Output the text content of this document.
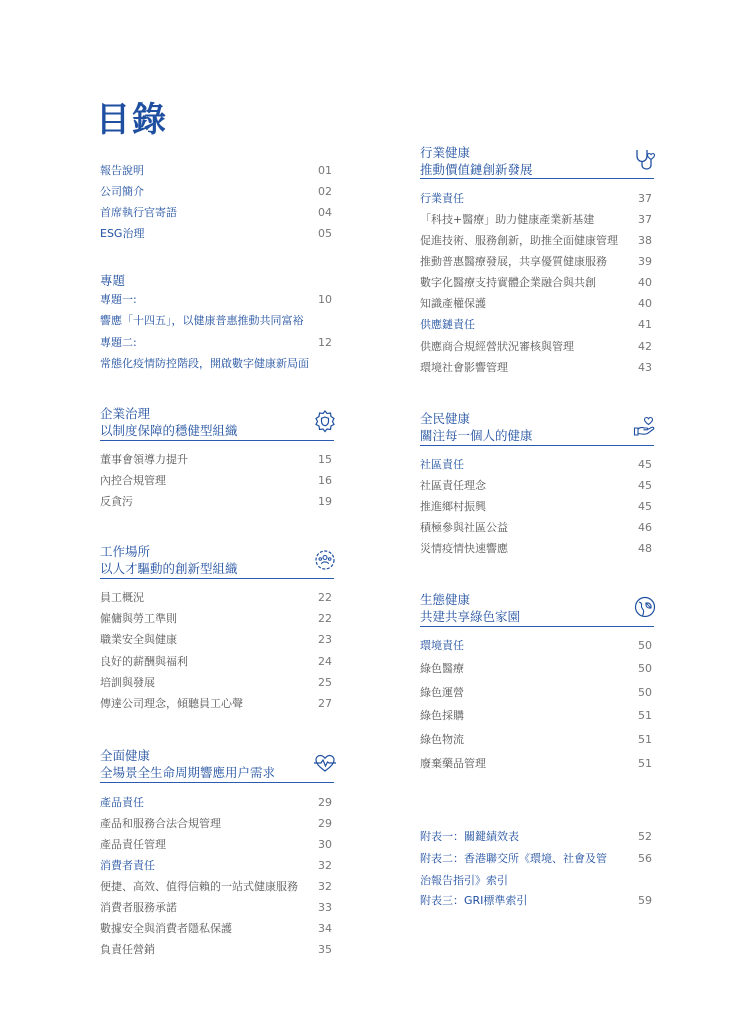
目錄
報告說明	01
公司簡介	02
首席執行官寄語	04
ESG治理	05
專題
專題一:	10
響應「十四五」，以健康普惠推動共同富裕
專題二:	12
常態化疫情防控階段，開啟數字健康新局面
企業治理
以制度保障的穩健型組織
董事會領導力提升	15
內控合規管理	16
反貪污	19
工作場所
以人才驅動的創新型組織
員工概況	22
僱傭與勞工準則	22
職業安全與健康	23
良好的薪酬與福利	24
培訓與發展	25
傳達公司理念，傾聽員工心聲	27
全面健康
全場景全生命周期響應用户需求
產品責任	29
產品和服務合法合規管理	29
產品責任管理	30
消費者責任	32
便捷、高效、值得信賴的一站式健康服務 32
消費者服務承諾	33
數據安全與消費者隱私保護	34
負責任營銷	35
行業健康
推動價值鏈創新發展
行業責任	37
「科技+醫療」助力健康產業新基建	37
促進技術、服務創新，助推全面健康管理 38
推動普惠醫療發展，共享優質健康服務	39
數字化醫療支持實體企業融合與共創	40
知識產權保護	40
供應鏈責任	41
供應商合規經營狀況審核與管理	42
環境社會影響管理	43
全民健康
關注每一個人的健康
社區責任	45
社區責任理念	45
推進鄉村振興	45
積極參與社區公益	46
災情疫情快速響應	48
生態健康
共建共享綠色家園
環境責任	50
綠色醫療	50
綠色運營	50
綠色採購	51
綠色物流	51
廢棄藥品管理	51
附表一：關鍵績效表	52
附表二：香港聯交所《環境、社會及管	56
治報告指引》索引
附表三：GRI標準索引	59
